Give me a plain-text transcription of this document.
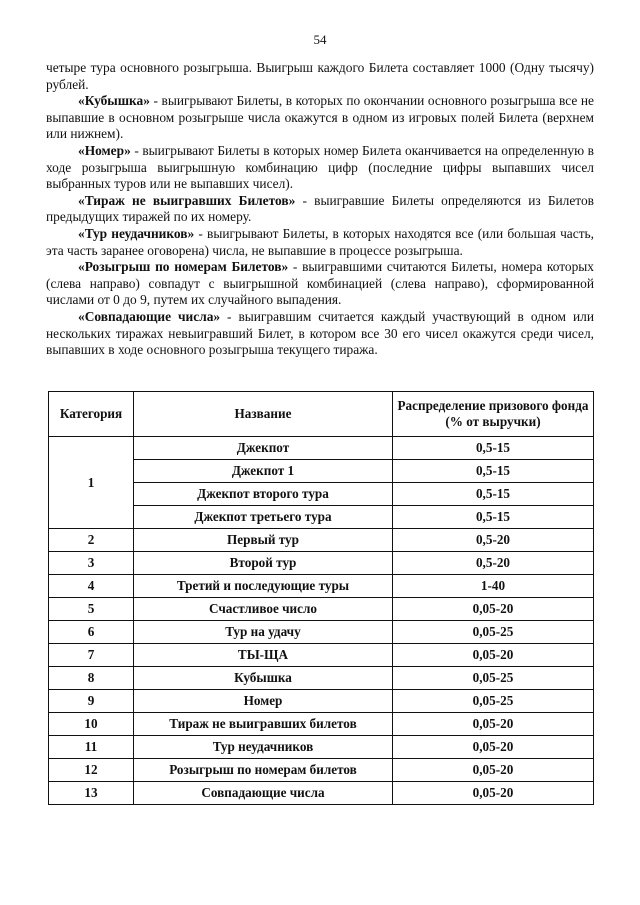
54

четыре тура основного розыгрыша. Выигрыш каждого Билета составляет 1000 (Одну тысячу) рублей.

«Кубышка» - выигрывают Билеты, в которых по окончании основного розыгрыша все не выпавшие в основном розыгрыше числа окажутся в одном из игровых полей Билета (верхнем или нижнем).

«Номер» - выигрывают Билеты в которых номер Билета оканчивается на определенную в ходе розыгрыша выигрышную комбинацию цифр (последние цифры выпавших чисел выбранных туров или не выпавших чисел).

«Тираж не выигравших Билетов» - выигравшие Билеты определяются из Билетов предыдущих тиражей по их номеру.

«Тур неудачников» - выигрывают Билеты, в которых находятся все (или большая часть, эта часть заранее оговорена) числа, не выпавшие в процессе розыгрыша.

«Розыгрыш по номерам Билетов» - выигравшими считаются Билеты, номера которых (слева направо) совпадут с выигрышной комбинацией (слева направо), сформированной числами от 0 до 9, путем их случайного выпадения.

«Совпадающие числа» - выигравшим считается каждый участвующий в одном или нескольких тиражах невыигравший Билет, в котором все 30 его чисел окажутся среди чисел, выпавших в ходе основного розыгрыша текущего тиража.

Категория	Название	Распределение призового фонда (% от выручки)
1	Джекпот	0,5-15
	Джекпот 1	0,5-15
	Джекпот второго тура	0,5-15
	Джекпот третьего тура	0,5-15
2	Первый тур	0,5-20
3	Второй тур	0,5-20
4	Третий и последующие туры	1-40
5	Счастливое число	0,05-20
6	Тур на удачу	0,05-25
7	ТЫ-ЩА	0,05-20
8	Кубышка	0,05-25
9	Номер	0,05-25
10	Тираж не выигравших билетов	0,05-20
11	Тур неудачников	0,05-20
12	Розыгрыш по номерам билетов	0,05-20
13	Совпадающие числа	0,05-20
